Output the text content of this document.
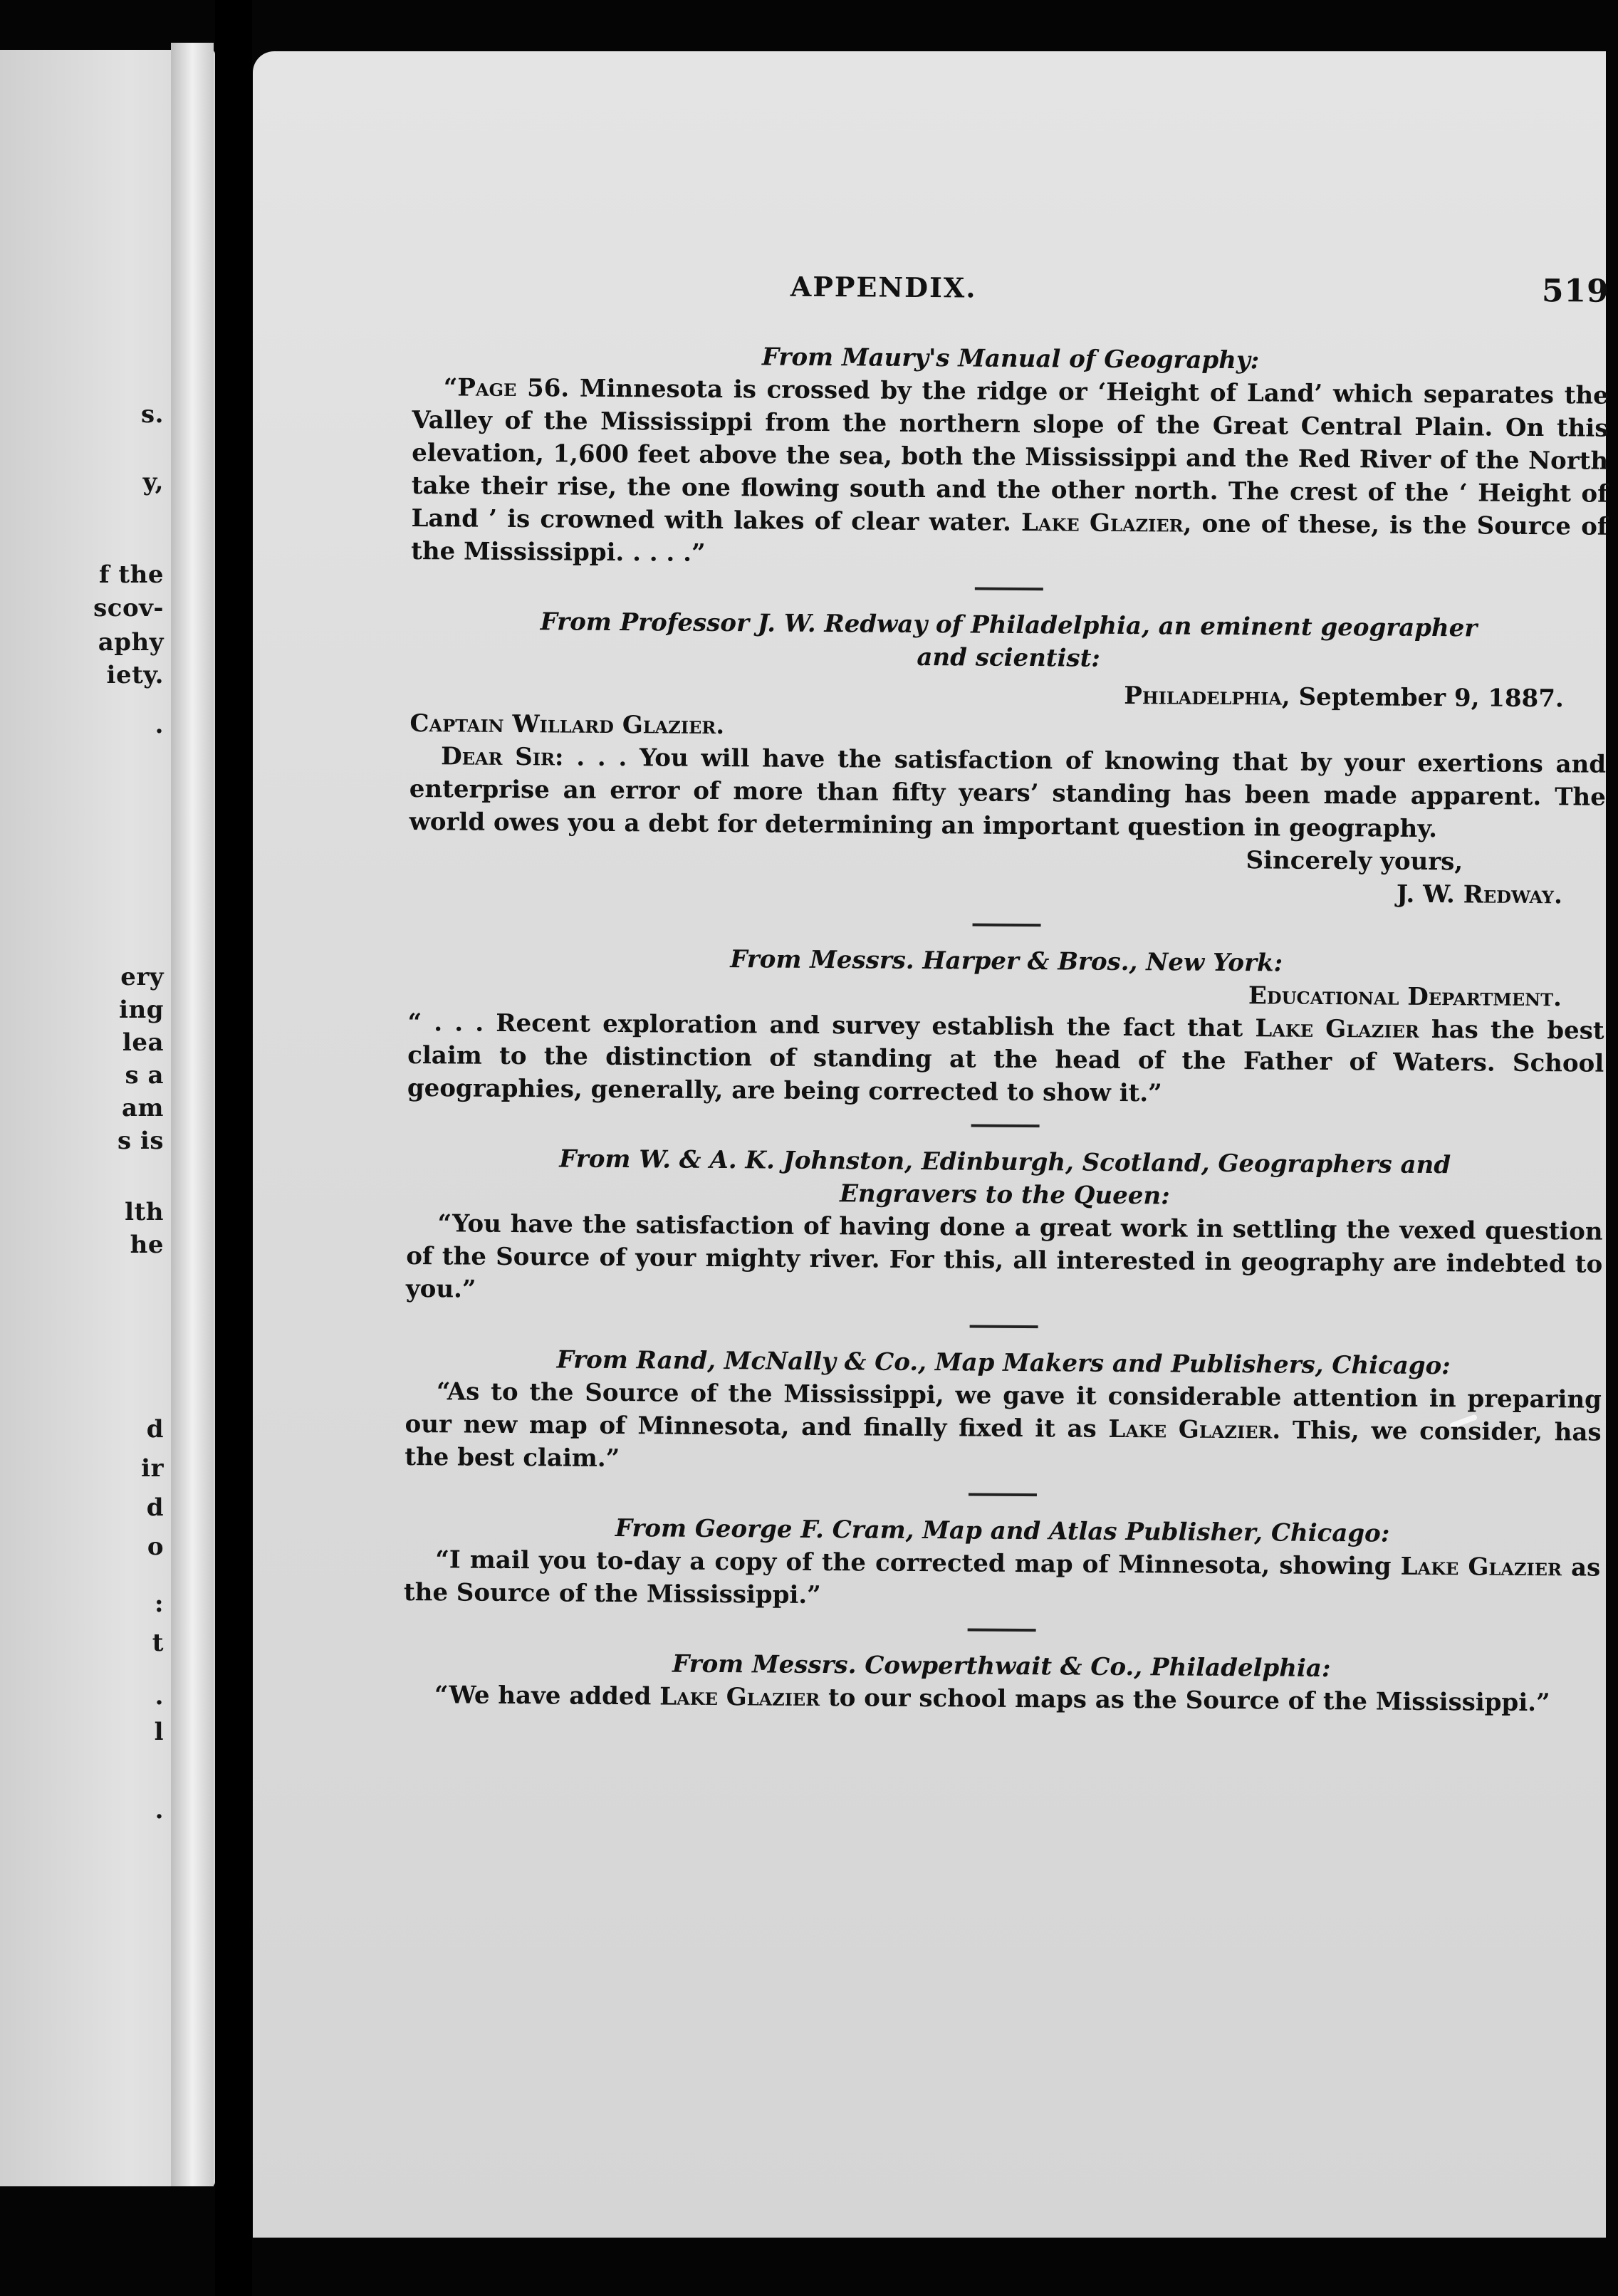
s.
y,
f the
scov-
aphy
iety.
.
ery
ing
lea
s a
am
s is
lth
he
d
ir
d
o
:
t
.
l
.
APPENDIX.	519

From Maury's Manual of Geography:

“Page 56. Minnesota is crossed by the ridge or ‘Height of Land’ which separates the Valley of the Mississippi from the northern slope of the Great Central Plain. On this elevation, 1,600 feet above the sea, both the Mississippi and the Red River of the North take their rise, the one flowing south and the other north. The crest of the ‘ Height of Land ’ is crowned with lakes of clear water. Lake Glazier, one of these, is the Source of the Mississippi. . . . .”

From Professor J. W. Redway of Philadelphia, an eminent geographer
and scientist:

Philadelphia, September 9, 1887.

Captain Willard Glazier.

Dear Sir: . . . You will have the satisfaction of knowing that by your exertions and enterprise an error of more than fifty years’ standing has been made apparent. The world owes you a debt for determining an important question in geography.

Sincerely yours,

J. W. Redway.

From Messrs. Harper & Bros., New York:

Educational Department.

“ . . . Recent exploration and survey establish the fact that Lake Glazier has the best claim to the distinction of standing at the head of the Father of Waters. School geographies, generally, are being corrected to show it.”

From W. & A. K. Johnston, Edinburgh, Scotland, Geographers and
Engravers to the Queen:

“You have the satisfaction of having done a great work in settling the vexed question of the Source of your mighty river. For this, all interested in geography are indebted to you.”

From Rand, McNally & Co., Map Makers and Publishers, Chicago:

“As to the Source of the Mississippi, we gave it considerable attention in preparing our new map of Minnesota, and finally fixed it as Lake Glazier. This, we consider, has the best claim.”

From George F. Cram, Map and Atlas Publisher, Chicago:

“I mail you to-day a copy of the corrected map of Minnesota, showing Lake Glazier as the Source of the Mississippi.”

From Messrs. Cowperthwait & Co., Philadelphia:

“We have added Lake Glazier to our school maps as the Source of the Mississippi.”
